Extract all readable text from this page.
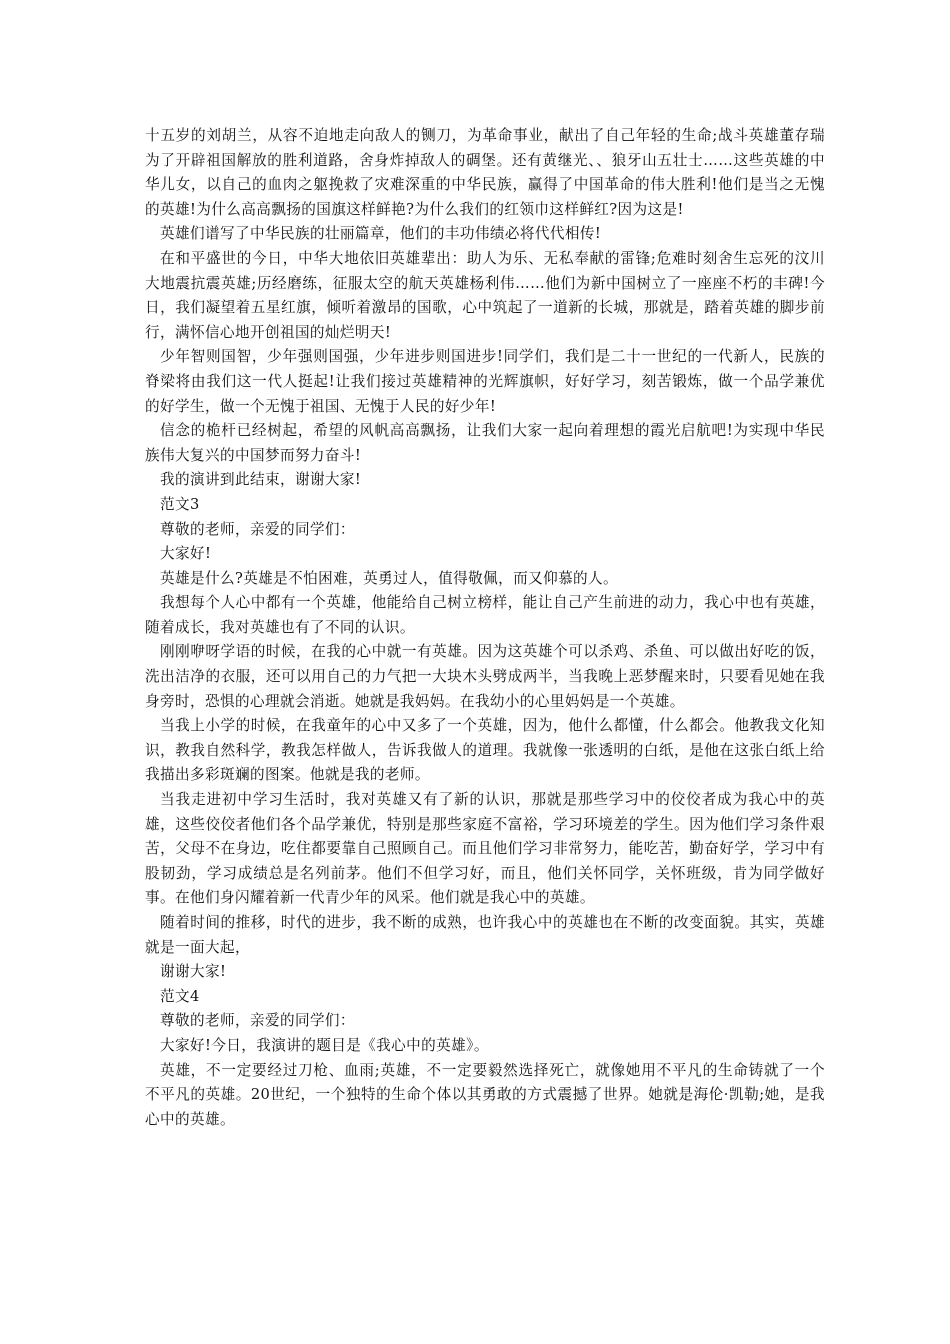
十五岁的刘胡兰，从容不迫地走向敌人的铡刀，为革命事业，献出了自己年轻的生命;战斗英雄董存瑞为了开辟祖国解放的胜利道路，舍身炸掉敌人的碉堡。还有黄继光、、狼牙山五壮士……这些英雄的中华儿女，以自己的血肉之躯挽救了灾难深重的中华民族，赢得了中国革命的伟大胜利!他们是当之无愧的英雄!为什么高高飘扬的国旗这样鲜艳?为什么我们的红领巾这样鲜红?因为这是!

英雄们谱写了中华民族的壮丽篇章，他们的丰功伟绩必将代代相传!

在和平盛世的今日，中华大地依旧英雄辈出：助人为乐、无私奉献的雷锋;危难时刻舍生忘死的汶川大地震抗震英雄;历经磨练，征服太空的航天英雄杨利伟……他们为新中国树立了一座座不朽的丰碑!今日，我们凝望着五星红旗，倾听着激昂的国歌，心中筑起了一道新的长城，那就是，踏着英雄的脚步前行，满怀信心地开创祖国的灿烂明天!

少年智则国智，少年强则国强，少年进步则国进步!同学们，我们是二十一世纪的一代新人，民族的脊梁将由我们这一代人挺起!让我们接过英雄精神的光辉旗帜，好好学习，刻苦锻炼，做一个品学兼优的好学生，做一个无愧于祖国、无愧于人民的好少年!

信念的桅杆已经树起，希望的风帆高高飘扬，让我们大家一起向着理想的霞光启航吧!为实现中华民族伟大复兴的中国梦而努力奋斗!

我的演讲到此结束，谢谢大家!

范文3

尊敬的老师，亲爱的同学们：

大家好!

英雄是什么?英雄是不怕困难，英勇过人，值得敬佩，而又仰慕的人。

我想每个人心中都有一个英雄，他能给自己树立榜样，能让自己产生前进的动力，我心中也有英雄，随着成长，我对英雄也有了不同的认识。

刚刚咿呀学语的时候，在我的心中就一有英雄。因为这英雄个可以杀鸡、杀鱼、可以做出好吃的饭，洗出洁净的衣服，还可以用自己的力气把一大块木头劈成两半，当我晚上恶梦醒来时，只要看见她在我身旁时，恐惧的心理就会消逝。她就是我妈妈。在我幼小的心里妈妈是一个英雄。

当我上小学的时候，在我童年的心中又多了一个英雄，因为，他什么都懂，什么都会。他教我文化知识，教我自然科学，教我怎样做人，告诉我做人的道理。我就像一张透明的白纸，是他在这张白纸上给我描出多彩斑斓的图案。他就是我的老师。

当我走进初中学习生活时，我对英雄又有了新的认识，那就是那些学习中的佼佼者成为我心中的英雄，这些佼佼者他们各个品学兼优，特别是那些家庭不富裕，学习环境差的学生。因为他们学习条件艰苦，父母不在身边，吃住都要靠自己照顾自己。而且他们学习非常努力，能吃苦，勤奋好学，学习中有股韧劲，学习成绩总是名列前茅。他们不但学习好，而且，他们关怀同学，关怀班级，肯为同学做好事。在他们身闪耀着新一代青少年的风采。他们就是我心中的英雄。

随着时间的推移，时代的进步，我不断的成熟，也许我心中的英雄也在不断的改变面貌。其实，英雄就是一面大起，

谢谢大家!

范文4

尊敬的老师，亲爱的同学们：

大家好!今日，我演讲的题目是《我心中的英雄》。

英雄，不一定要经过刀枪、血雨;英雄，不一定要毅然选择死亡，就像她用不平凡的生命铸就了一个不平凡的英雄。20世纪，一个独特的生命个体以其勇敢的方式震撼了世界。她就是海伦·凯勒;她，是我心中的英雄。
